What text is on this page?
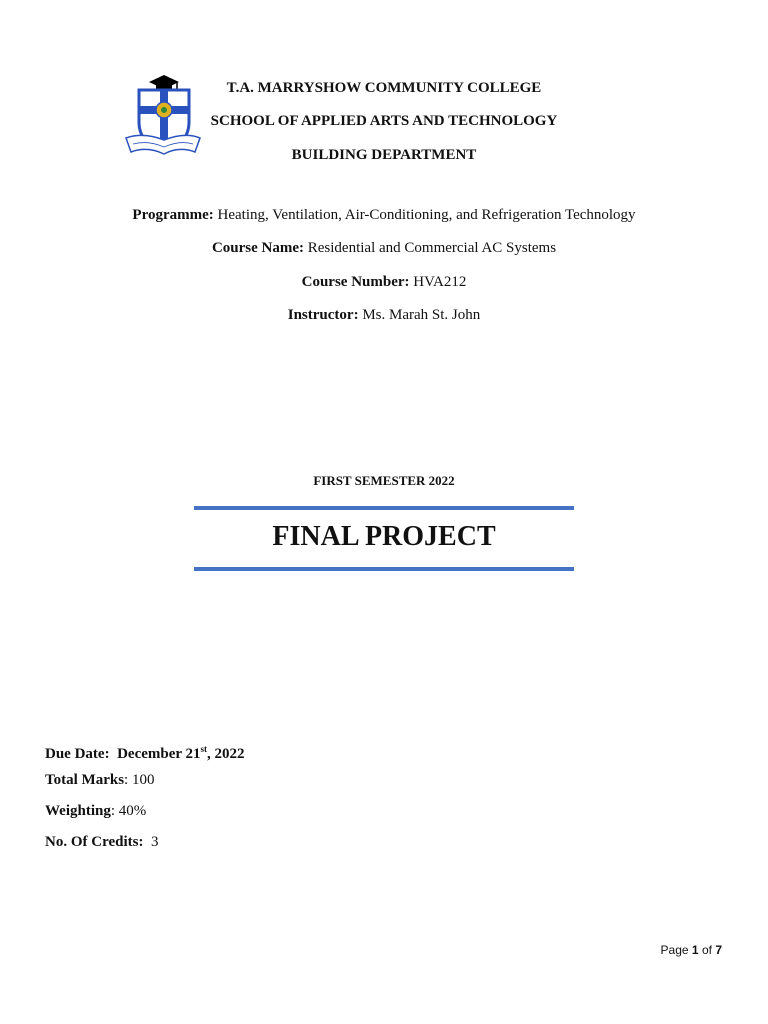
T.A. MARRYSHOW COMMUNITY COLLEGE
SCHOOL OF APPLIED ARTS AND TECHNOLOGY
BUILDING DEPARTMENT
Programme: Heating, Ventilation, Air-Conditioning, and Refrigeration Technology
Course Name: Residential and Commercial AC Systems
Course Number: HVA212
Instructor: Ms. Marah St. John
FIRST SEMESTER 2022
FINAL PROJECT
Due Date: December 21st, 2022
Total Marks: 100
Weighting: 40%
No. Of Credits: 3
Page 1 of 7
